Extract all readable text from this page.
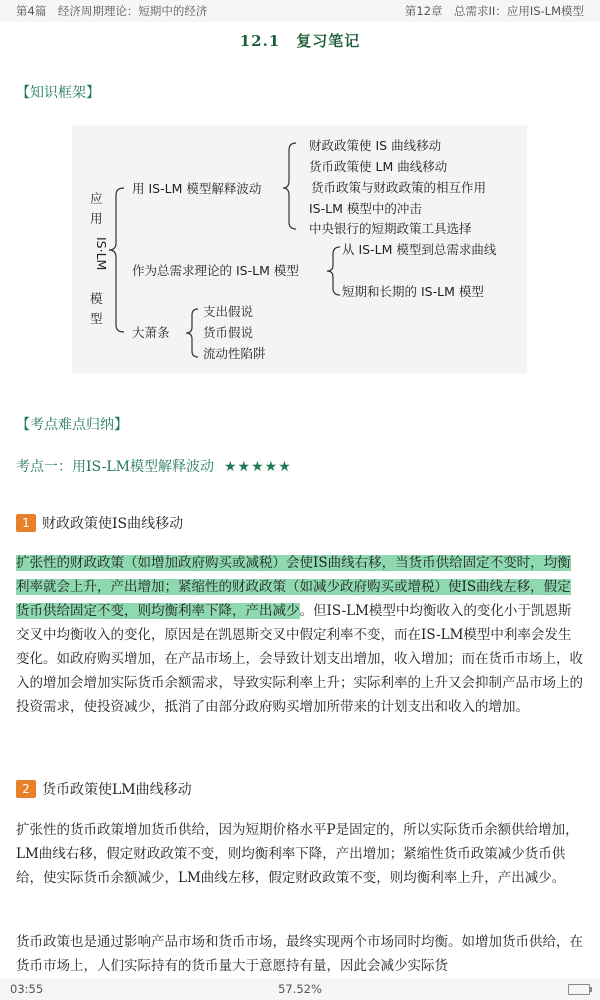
第4篇　经济周期理论：短期中的经济	第12章　总需求II：应用IS-LM模型
12.1　复习笔记
【知识框架】
应
用
IS·LM
模
型
用 IS-LM 模型解释波动
作为总需求理论的 IS-LM 模型
大萧条
财政政策使 IS 曲线移动
货币政策使 LM 曲线移动
货币政策与财政政策的相互作用
IS-LM 模型中的冲击
中央银行的短期政策工具选择
从 IS-LM 模型到总需求曲线
短期和长期的 IS-LM 模型
支出假说
货币假说
流动性陷阱
【考点难点归纳】
考点一：用IS-LM模型解释波动 ★★★★★
1 财政政策使IS曲线移动
扩张性的财政政策（如增加政府购买或减税）会使IS曲线右移，当货币供给固定不变时，均衡利率就会上升，产出增加；紧缩性的财政政策（如减少政府购买或增税）使IS曲线左移，假定货币供给固定不变，则均衡利率下降，产出减少。但IS-LM模型中均衡收入的变化小于凯恩斯交叉中均衡收入的变化，原因是在凯恩斯交叉中假定利率不变，而在IS-LM模型中利率会发生变化。如政府购买增加，在产品市场上，会导致计划支出增加，收入增加；而在货币市场上，收入的增加会增加实际货币余额需求，导致实际利率上升；实际利率的上升又会抑制产品市场上的投资需求，使投资减少，抵消了由部分政府购买增加所带来的计划支出和收入的增加。
2 货币政策使LM曲线移动
扩张性的货币政策增加货币供给，因为短期价格水平P是固定的，所以实际货币余额供给增加，LM曲线右移，假定财政政策不变，则均衡利率下降，产出增加；紧缩性货币政策减少货币供给，使实际货币余额减少，LM曲线左移，假定财政政策不变，则均衡利率上升，产出减少。
货币政策也是通过影响产品市场和货币市场，最终实现两个市场同时均衡。如增加货币供给，在货币市场上，人们实际持有的货币量大于意愿持有量，因此会减少实际货
03:55	57.52%
